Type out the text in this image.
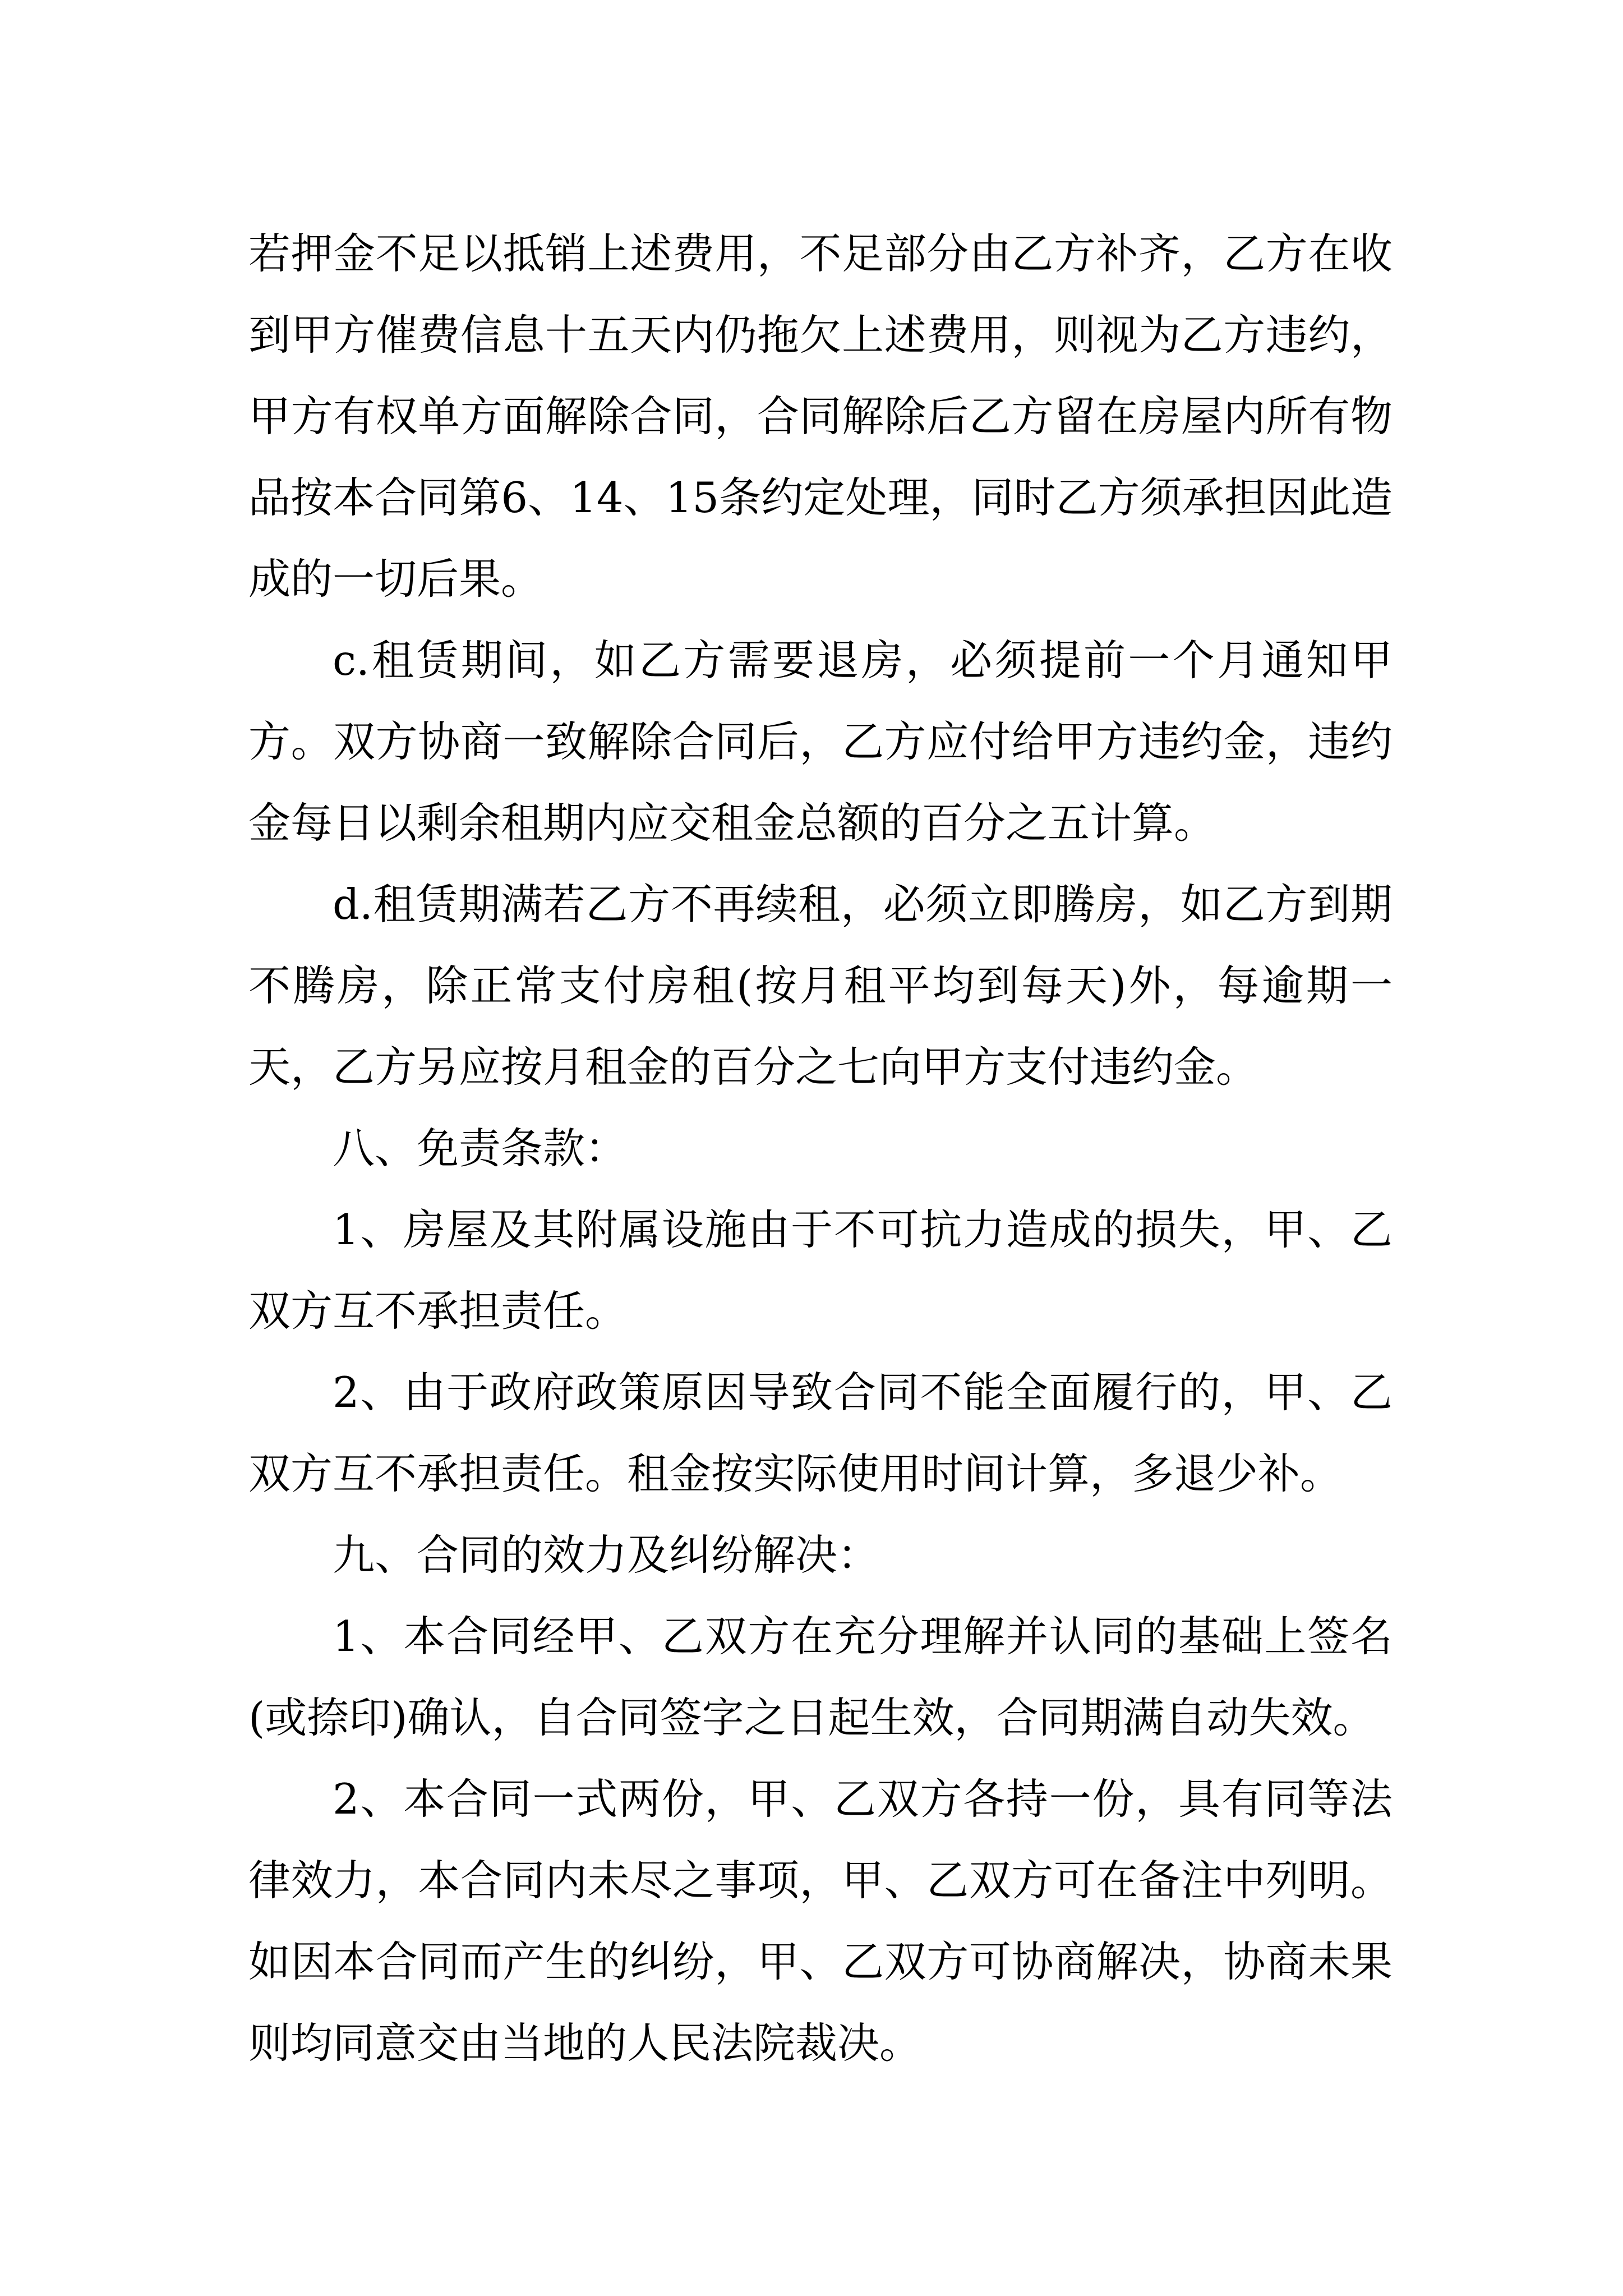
若押金不足以抵销上述费用，不足部分由乙方补齐，乙方在收到甲方催费信息十五天内仍拖欠上述费用，则视为乙方违约，甲方有权单方面解除合同，合同解除后乙方留在房屋内所有物品按本合同第6、14、15条约定处理，同时乙方须承担因此造成的一切后果。

c.租赁期间，如乙方需要退房，必须提前一个月通知甲方。双方协商一致解除合同后，乙方应付给甲方违约金，违约金每日以剩余租期内应交租金总额的百分之五计算。

d.租赁期满若乙方不再续租，必须立即腾房，如乙方到期不腾房，除正常支付房租(按月租平均到每天)外，每逾期一天，乙方另应按月租金的百分之七向甲方支付违约金。

八、免责条款：

1、房屋及其附属设施由于不可抗力造成的损失，甲、乙双方互不承担责任。

2、由于政府政策原因导致合同不能全面履行的，甲、乙双方互不承担责任。租金按实际使用时间计算，多退少补。

九、合同的效力及纠纷解决：

1、本合同经甲、乙双方在充分理解并认同的基础上签名(或捺印)确认，自合同签字之日起生效，合同期满自动失效。

2、本合同一式两份，甲、乙双方各持一份，具有同等法律效力，本合同内未尽之事项，甲、乙双方可在备注中列明。如因本合同而产生的纠纷，甲、乙双方可协商解决，协商未果则均同意交由当地的人民法院裁决。
